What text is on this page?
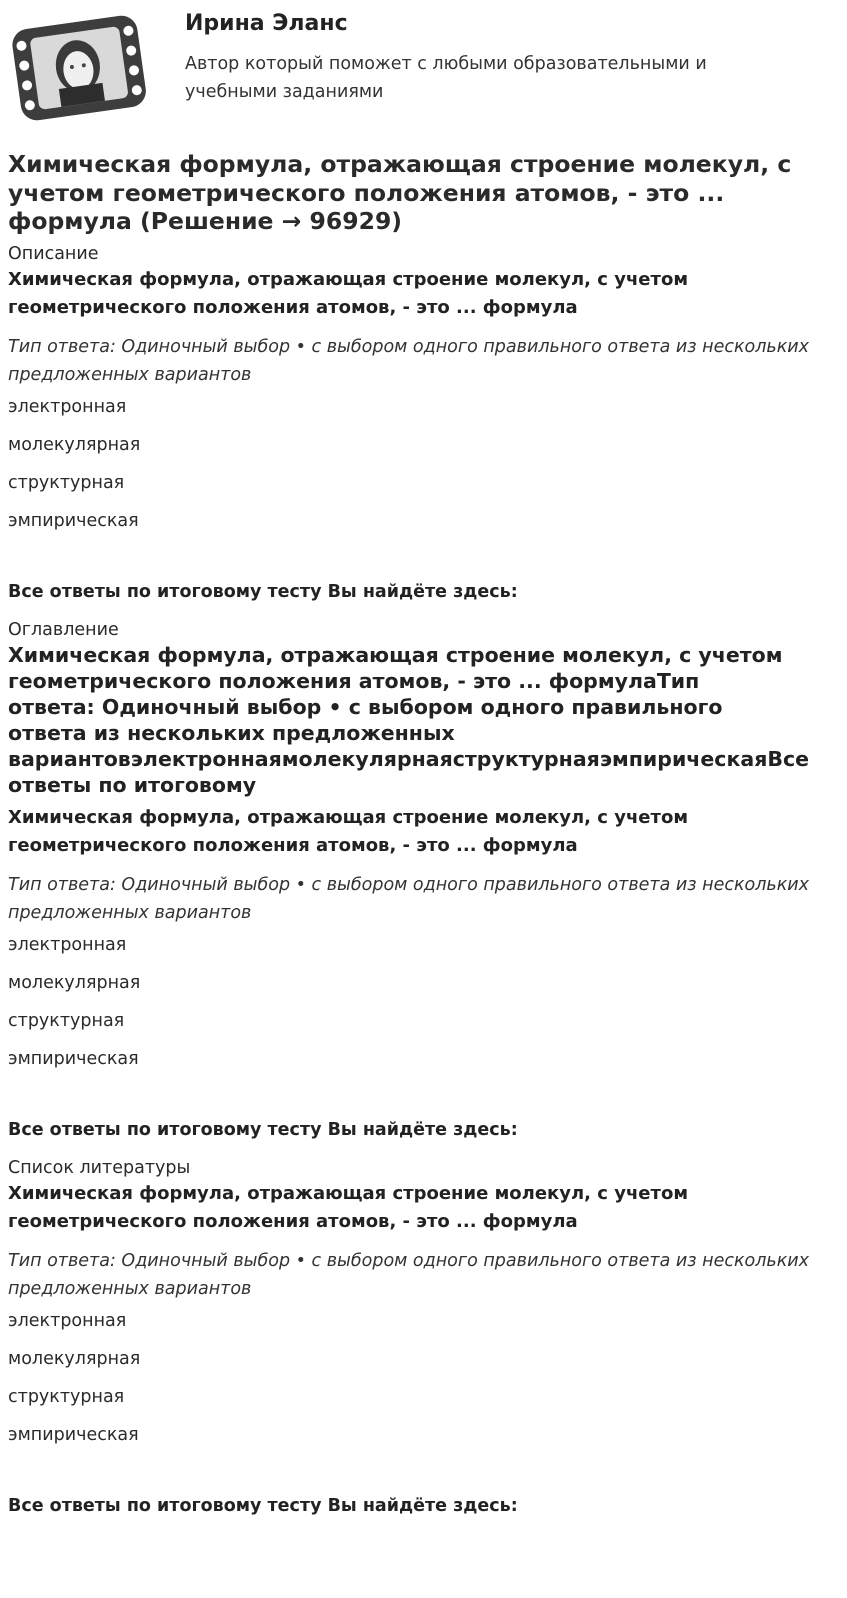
Ирина Эланс
Автор который поможет с любыми образовательными и учебными заданиями
Химическая формула, отражающая строение молекул, с учетом геометрического положения атомов, - это ... формула (Решение → 96929)

Описание

Химическая формула, отражающая строение молекул, с учетом геометрического положения атомов, - это ... формула

Тип ответа: Одиночный выбор • с выбором одного правильного ответа из нескольких предложенных вариантов

электронная
молекулярная
структурная
эмпирическая

Все ответы по итоговому тесту Вы найдёте здесь:

Оглавление

Химическая формула, отражающая строение молекул, с учетом
геометрического положения атомов, - это ... формулаТип
ответа: Одиночный выбор • с выбором одного правильного
ответа из нескольких предложенных
вариантовэлектроннаямолекулярнаяструктурнаяэмпирическаяВсе
ответы по итоговому

Химическая формула, отражающая строение молекул, с учетом геометрического положения атомов, - это ... формула

Тип ответа: Одиночный выбор • с выбором одного правильного ответа из нескольких предложенных вариантов

электронная
молекулярная
структурная
эмпирическая

Все ответы по итоговому тесту Вы найдёте здесь:

Список литературы

Химическая формула, отражающая строение молекул, с учетом геометрического положения атомов, - это ... формула

Тип ответа: Одиночный выбор • с выбором одного правильного ответа из нескольких предложенных вариантов

электронная
молекулярная
структурная
эмпирическая

Все ответы по итоговому тесту Вы найдёте здесь:
